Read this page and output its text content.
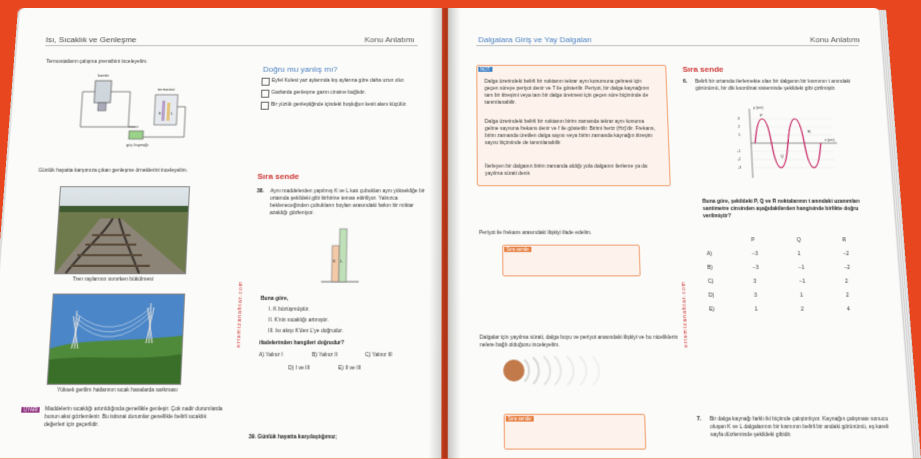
Isı, Sıcaklık ve Genleşme	Konu Anlatımı
Termostatların çalışma prensibini inceleyelim.
kombi
termostat
güç kaynağı
K L
Günlük hayatta karşımıza çıkan genleşme örneklerini inceleyelim.
Tren raylarının ısınırken bükülmesi
Yüksek gerilim hatlarının sıcak havalarda sarkması
ertemizanahtar.com
UYARI	Maddelerin sıcaklığı artırıldığında genellikle genleşir. Çok nadir durumlarda bunun aksi gözlemlenir. Bu istisnai durumlar genellikle belirli sıcaklık değerleri için geçerlidir.
Doğru mu yanlış mı?
Eyfel Kulesi yaz aylarında kış aylarına göre daha uzun olur.
Gazlarda genleşme gazın cinsine bağlıdır.
Bir yüzük genleştiğinde içindeki boşluğun kesit alanı küçülür.
Sıra sende
38. Aynı maddelerden yapılmış K ve L katı çubukları aynı yüksekliğe bir ortamda şekildeki gibi birbirine temas ettiriliyor. Yalnızca bekleneceğinden çubukların boyları arasındaki farkın bir miktar azaldığı gözleniyor.
K L
Buna göre,
I. K büzüşmüştür.
II. K'nin sıcaklığı artmıştır.
III. Isı akışı K'den L'ye doğrudur.
ifadelerinden hangileri doğrudur?
A) Yalnız I	B) Yalnız II	C) Yalnız III
D) I ve III	E) II ve III
39. Günlük hayatta karşılaştığımız;
Dalgalara Giriş ve Yay Dalgaları	Konu Anlatımı
NOT
Dalga üzerindeki belirli bir noktanın tekrar aynı konumuna gelmesi için geçen süreye periyot denir ve T ile gösterilir. Periyot, bir dalga kaynağının tam bir titreşimi veya tam bir dalga üretmesi için geçen süre biçiminde de tanımlanabilir.
Dalga üzerindeki belirli bir noktanın birim zamanda tekrar aynı konuma gelme sayısına frekans denir ve f ile gösterilir. Birimi hertz (Hz)'dir. Frekans, birim zamanda üretilen dalga sayısı veya birim zamanda kaynağın titreşim sayısı biçiminde de tanımlanabilir.
İlerleyen bir dalganın birim zamanda aldığı yola dalganın ilerleme ya da yayılma sürati denir.
Periyot ile frekans arasındaki ilişkiyi ifade edelim.
Sıra sende
ertemizanahtar.com
Dalgalar için yayılma sürati, dalga boyu ve periyot arasındaki ilişkiyi ve bu niceliklerin nelere bağlı olduğunu inceleyelim.
Sıra sende
Sıra sende
6. Belirli bir ortamda ilerlemekte olan bir dalganın bir kısmının t anındaki görünümü, bir dik koordinat sisteminde şekildeki gibi çizilmiştir.
3
2
1
-1
-2
-3
y (cm)
x (cm)
P
Q
R
Buna göre, şekildeki P, Q ve R noktalarının t anındaki uzanımları santimetre cinsinden aşağıdakilerden hangisinde birlikte doğru verilmiştir?
	P	Q	R
A)	−3	1	−2
B)	−3	−1	−2
C)	3	−1	2
D)	3	1	2
E)	1	2	4
7. Bir dalga kaynağı farklı iki biçimde çalıştırılıyor. Kaynağın çalışması sonucu oluşan K ve L dalgalarının bir kısmının belirli bir andaki görünümü, eş kareli sayfa düzleminde şekildeki gibidir.
